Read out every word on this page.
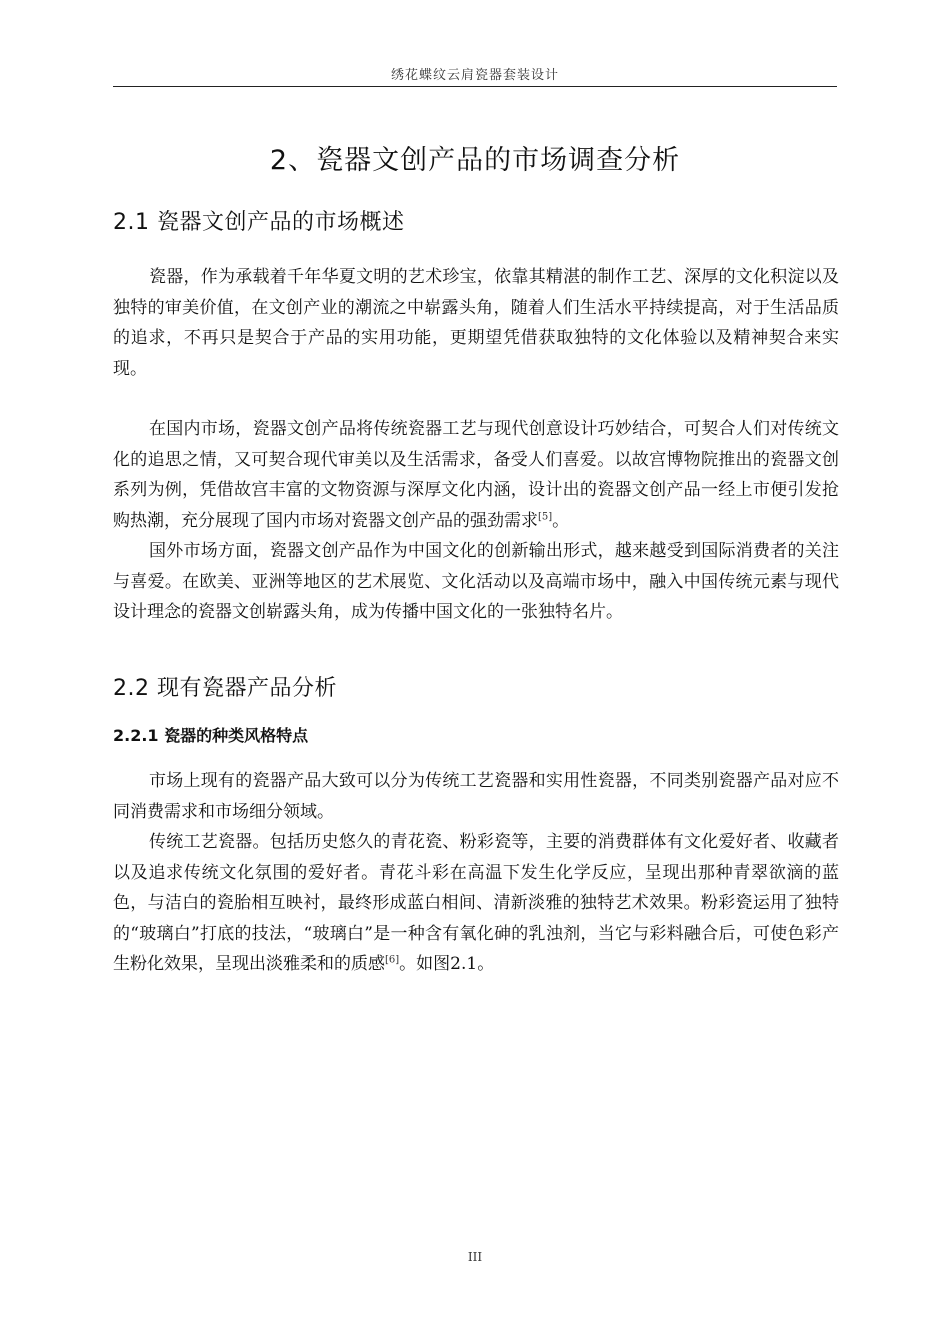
绣花蝶纹云肩瓷器套装设计
2、瓷器文创产品的市场调查分析
2.1 瓷器文创产品的市场概述

瓷器，作为承载着千年华夏文明的艺术珍宝，依靠其精湛的制作工艺、深厚的文化积淀以及独特的审美价值，在文创产业的潮流之中崭露头角，随着人们生活水平持续提高，对于生活品质的追求，不再只是契合于产品的实用功能，更期望凭借获取独特的文化体验以及精神契合来实现。

在国内市场，瓷器文创产品将传统瓷器工艺与现代创意设计巧妙结合，可契合人们对传统文化的追思之情，又可契合现代审美以及生活需求，备受人们喜爱。以故宫博物院推出的瓷器文创系列为例，凭借故宫丰富的文物资源与深厚文化内涵，设计出的瓷器文创产品一经上市便引发抢购热潮，充分展现了国内市场对瓷器文创产品的强劲需求[5]。

国外市场方面，瓷器文创产品作为中国文化的创新输出形式，越来越受到国际消费者的关注与喜爱。在欧美、亚洲等地区的艺术展览、文化活动以及高端市场中，融入中国传统元素与现代设计理念的瓷器文创崭露头角，成为传播中国文化的一张独特名片。

2.2 现有瓷器产品分析
2.2.1 瓷器的种类风格特点

市场上现有的瓷器产品大致可以分为传统工艺瓷器和实用性瓷器，不同类别瓷器产品对应不同消费需求和市场细分领域。

传统工艺瓷器。包括历史悠久的青花瓷、粉彩瓷等，主要的消费群体有文化爱好者、收藏者以及追求传统文化氛围的爱好者。青花斗彩在高温下发生化学反应，呈现出那种青翠欲滴的蓝色，与洁白的瓷胎相互映衬，最终形成蓝白相间、清新淡雅的独特艺术效果。粉彩瓷运用了独特的“玻璃白”打底的技法，“玻璃白”是一种含有氧化砷的乳浊剂，当它与彩料融合后，可使色彩产生粉化效果，呈现出淡雅柔和的质感[6]。如图2.1。

III
